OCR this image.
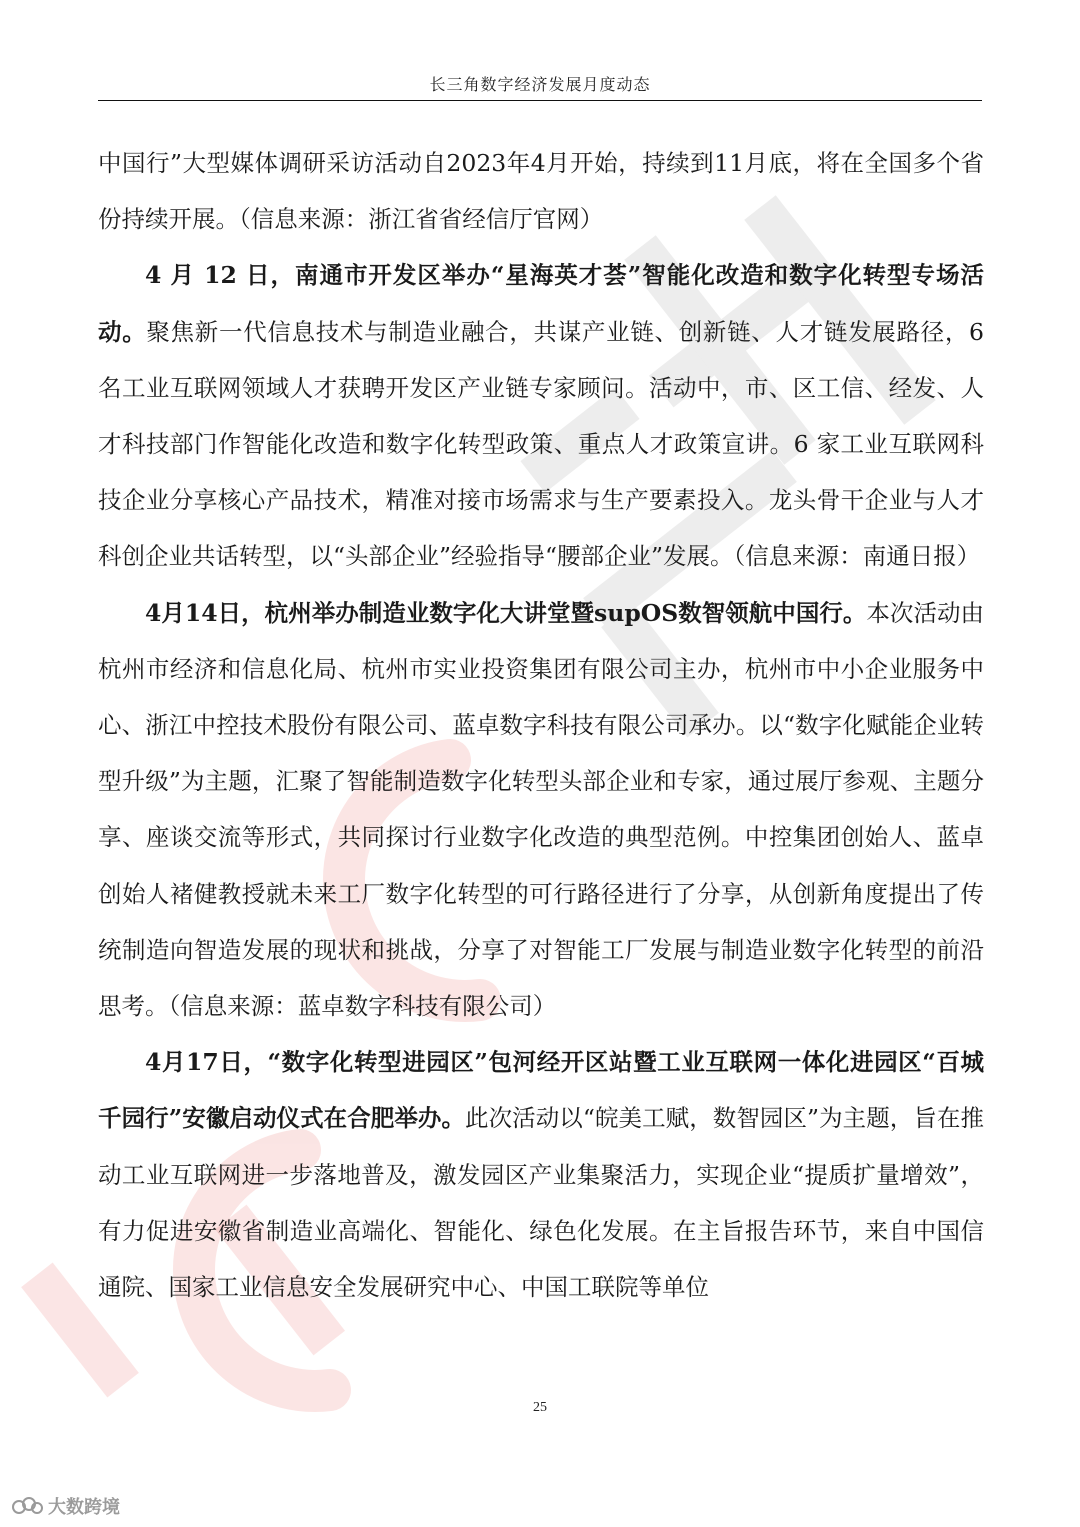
长三角数字经济发展月度动态

中国行”大型媒体调研采访活动自2023年4月开始，持续到11月底，将在全国多个省份持续开展。（信息来源：浙江省省经信厅官网）

4 月 12 日，南通市开发区举办“星海英才荟”智能化改造和数字化转型专场活动。聚焦新一代信息技术与制造业融合，共谋产业链、创新链、人才链发展路径，6 名工业互联网领域人才获聘开发区产业链专家顾问。活动中，市、区工信、经发、人才科技部门作智能化改造和数字化转型政策、重点人才政策宣讲。6 家工业互联网科技企业分享核心产品技术，精准对接市场需求与生产要素投入。龙头骨干企业与人才科创企业共话转型，以“头部企业”经验指导“腰部企业”发展。（信息来源：南通日报）

4月14日，杭州举办制造业数字化大讲堂暨supOS数智领航中国行。本次活动由杭州市经济和信息化局、杭州市实业投资集团有限公司主办，杭州市中小企业服务中心、浙江中控技术股份有限公司、蓝卓数字科技有限公司承办。以“数字化赋能企业转型升级”为主题，汇聚了智能制造数字化转型头部企业和专家，通过展厅参观、主题分享、座谈交流等形式，共同探讨行业数字化改造的典型范例。中控集团创始人、蓝卓创始人褚健教授就未来工厂数字化转型的可行路径进行了分享，从创新角度提出了传统制造向智造发展的现状和挑战，分享了对智能工厂发展与制造业数字化转型的前沿思考。（信息来源：蓝卓数字科技有限公司）

4月17日，“数字化转型进园区”包河经开区站暨工业互联网一体化进园区“百城千园行”安徽启动仪式在合肥举办。此次活动以“皖美工赋，数智园区”为主题，旨在推动工业互联网进一步落地普及，激发园区产业集聚活力，实现企业“提质扩量增效”，有力促进安徽省制造业高端化、智能化、绿色化发展。在主旨报告环节，来自中国信通院、国家工业信息安全发展研究中心、中国工联院等单位

25
大数跨境
